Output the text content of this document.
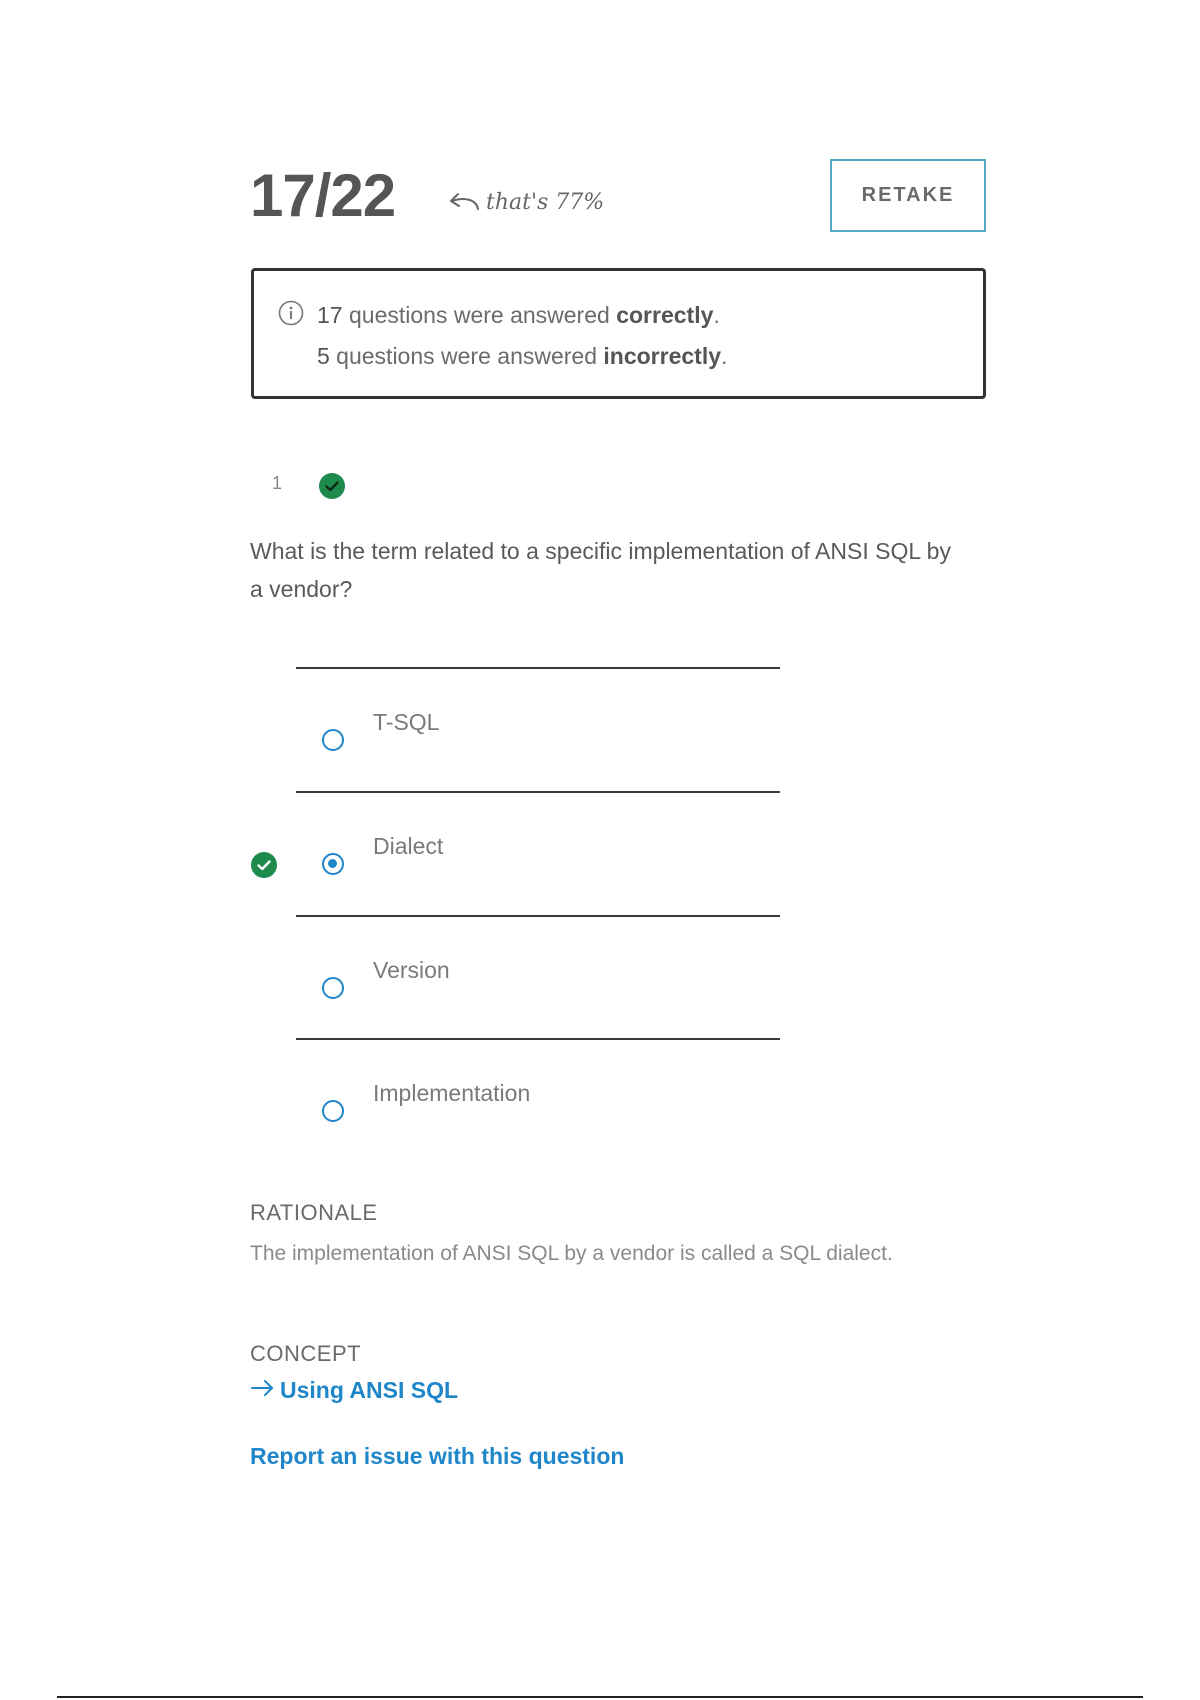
17/22	that's 77%	RETAKE
17 questions were answered correctly.
5 questions were answered incorrectly.
1
What is the term related to a specific implementation of ANSI SQL by a vendor?
T-SQL
Dialect
Version
Implementation
RATIONALE
The implementation of ANSI SQL by a vendor is called a SQL dialect.
CONCEPT
Using ANSI SQL
Report an issue with this question
